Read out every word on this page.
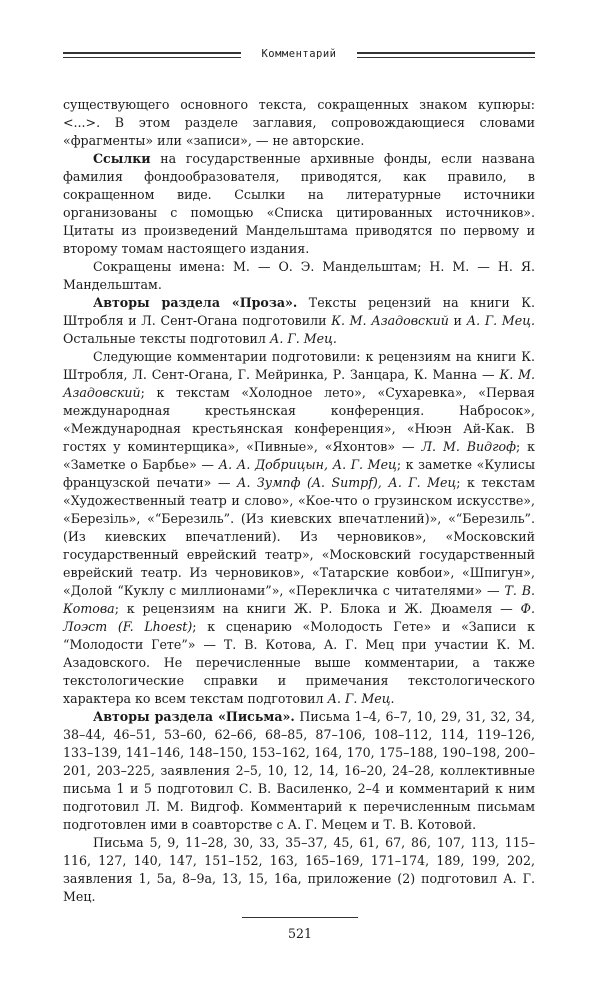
Комментарий

существующего основного текста, сокращенных знаком купюры: <...>. В этом разделе заглавия, сопровождающиеся словами «фрагменты» или «записи», — не авторские.

Ссылки на государственные архивные фонды, если названа фамилия фондообразователя, приводятся, как правило, в сокращенном виде. Ссылки на литературные источники организованы с помощью «Списка цитированных источников». Цитаты из произведений Мандельштама приводятся по первому и второму томам настоящего издания.

Сокращены имена: М. — О. Э. Мандельштам; Н. М. — Н. Я. Мандельштам.

Авторы раздела «Проза». Тексты рецензий на книги К. Штробля и Л. Сент-Огана подготовили К. М. Азадовский и А. Г. Мец. Остальные тексты подготовил А. Г. Мец.

Следующие комментарии подготовили: к рецензиям на книги К. Штробля, Л. Сент-Огана, Г. Мейринка, Р. Занцара, К. Манна — К. М. Азадовский; к текстам «Холодное лето», «Сухаревка», «Первая международная крестьянская конференция. Набросок», «Международная крестьянская конференция», «Нюэн Ай-Как. В гостях у коминтерщика», «Пивные», «Яхонтов» — Л. М. Видгоф; к «Заметке о Барбье» — А. А. Добрицын, А. Г. Мец; к заметке «Кулисы французской печати» — А. Зумпф (A. Sumpf), А. Г. Мец; к текстам «Художественный театр и слово», «Кое-что о грузинском искусстве», «Березiль», «“Березиль”. (Из киевских впечатлений)», «“Березиль”. (Из киевских впечатлений). Из черновиков», «Московский государственный еврейский театр», «Московский государственный еврейский театр. Из черновиков», «Татарские ковбои», «Шпигун», «Долой “Куклу с миллионами”», «Перекличка с читателями» — Т. В. Котова; к рецензиям на книги Ж. Р. Блока и Ж. Дюамеля — Ф. Лоэст (F. Lhoest); к сценарию «Молодость Гете» и «Записи к “Молодости Гете”» — Т. В. Котова, А. Г. Мец при участии К. М. Азадовского. Не перечисленные выше комментарии, а также текстологические справки и примечания текстологического характера ко всем текстам подготовил А. Г. Мец.

Авторы раздела «Письма». Письма 1–4, 6–7, 10, 29, 31, 32, 34, 38–44, 46–51, 53–60, 62–66, 68–85, 87–106, 108–112, 114, 119–126, 133–139, 141–146, 148–150, 153–162, 164, 170, 175–188, 190–198, 200–201, 203–225, заявления 2–5, 10, 12, 14, 16–20, 24–28, коллективные письма 1 и 5 подготовил С. В. Василенко, 2–4 и комментарий к ним подготовил Л. М. Видгоф. Комментарий к перечисленным письмам подготовлен ими в соавторстве с А. Г. Мецем и Т. В. Котовой.

Письма 5, 9, 11–28, 30, 33, 35–37, 45, 61, 67, 86, 107, 113, 115–116, 127, 140, 147, 151–152, 163, 165–169, 171–174, 189, 199, 202, заявления 1, 5а, 8–9а, 13, 15, 16а, приложение (2) подготовил А. Г. Мец.

521
